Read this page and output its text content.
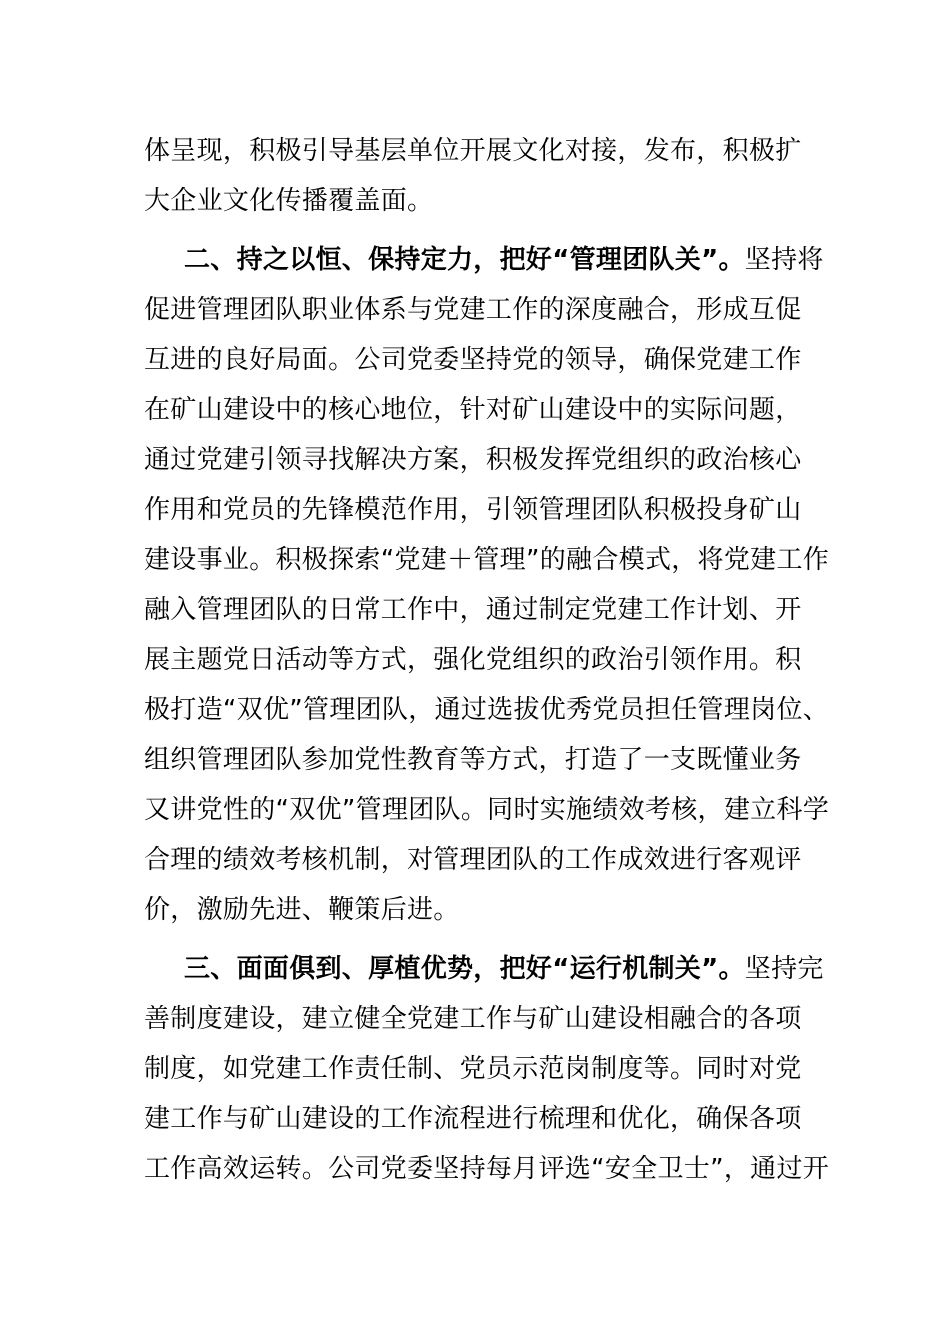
体呈现，积极引导基层单位开展文化对接，发布，积极扩
大企业文化传播覆盖面。
二、持之以恒、保持定力，把好“管理团队关”。坚持将
促进管理团队职业体系与党建工作的深度融合，形成互促
互进的良好局面。公司党委坚持党的领导，确保党建工作
在矿山建设中的核心地位，针对矿山建设中的实际问题，
通过党建引领寻找解决方案，积极发挥党组织的政治核心
作用和党员的先锋模范作用，引领管理团队积极投身矿山
建设事业。积极探索“党建＋管理”的融合模式，将党建工作
融入管理团队的日常工作中，通过制定党建工作计划、开
展主题党日活动等方式，强化党组织的政治引领作用。积
极打造“双优”管理团队，通过选拔优秀党员担任管理岗位、
组织管理团队参加党性教育等方式，打造了一支既懂业务
又讲党性的“双优”管理团队。同时实施绩效考核，建立科学
合理的绩效考核机制，对管理团队的工作成效进行客观评
价，激励先进、鞭策后进。
三、面面俱到、厚植优势，把好“运行机制关”。坚持完
善制度建设，建立健全党建工作与矿山建设相融合的各项
制度，如党建工作责任制、党员示范岗制度等。同时对党
建工作与矿山建设的工作流程进行梳理和优化，确保各项
工作高效运转。公司党委坚持每月评选“安全卫士”，通过开
